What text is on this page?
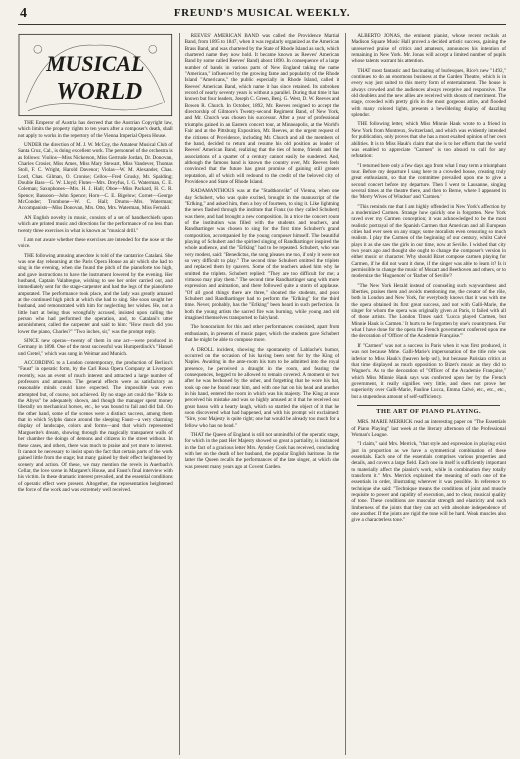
4	FREUND'S MUSICAL WEEKLY.
MUSICAL
WORLD

THE Emperor of Austria has decreed that the Austrian Copyright law, which limits the property rights to ten years after a composer's death, shall not apply to works in the repertory of the Vienna Imperial Opera House.

UNDER the direction of M. J. W. McCoy, the Amateur Musical Club of Santa Cruz, Cal., is doing excellent work. The personnel of the orchestra is as follows: Violins—Miss Nickerson, Miss Gertrude Jordan, Dr. Donovan, Charles Crosier, Miss Ames, Miss Mary Stewart, Miss Vandever, Thomas Stoll, F. C. Wright, Harold Davenor; Violas—W. M. Alexander, Chas. Lord, Chas. Gilman, O. Cronise; Cellos—Fred Grusky, Mr. Spalding; Double Bass—G. W. Lloyd; Flutes—Mrs. Dreyfus, I. G. Waterman, C. E. Coleman; Saxophones—Mrs. H. J. Hall; Oboe—Miss Packard, H. C. R. Spence; Bassoon—John Spence; Horn—C. E. Bigelow; Cornet—George McConder; Trombone—W. C. Hall; Drums—Mrs. Waterman; Accompanists—Miss Donovan, Mrs. Otto, Mrs. Waterman, Miss Fernald.

AN English novelty in music, consists of a set of handkerchiefs upon which are printed music and directions for the performance of no less than twenty three exercises in what is known as "musical drill."

I am not aware whether these exercises are intended for the nose or the voice.

THE following amusing anecdote is told of the cantatrice Catalani. She was one day rehearsing at the Paris Opera House an air which she had to sing in the evening, when she found the pitch of the pianoforte too high, and gave instructions to have the instrument lowered by the evening. Her husband, Captain Valabregue, wishing to see her order carried out, and immediately sent for the stage-carpenter and had the legs of the pianoforte amputated. The performance took place, and the lady was greatly amazed at the continued high pitch at which she had to sing. She soon sought her husband, and remonstrated with him for neglecting her wishes. He, not a little hurt at being thus wrongfully accused, insisted upon calling the person who had performed the operation, and, to Catalani's utter astonishment, called the carpenter and said to him: "How much did you lower the piano, Charles?" "Two inches, sir," was the prompt reply.

SINCE new operas—twenty of them in one act—were produced in Germany in 1898. One of the most successful was Humperdinck's "Hansel und Gretel," which was sung in Weimar and Munich.

ACCORDING to a London contemporary, the production of Berlioz's "Faust" in operatic form, by the Carl Rosa Opera Company at Liverpool recently, was an event of much interest and attracted a large number of professors and amateurs. The general effects were as satisfactory as reasonable minds could have expected. The impossible was even attempted but, of course, not achieved. By no stage art could the "Ride to the Abyss" be adequately shown, and though the manager spent money liberally on mechanical horses, etc., he was bound to fail and did fail. On the other hand, some of the scenes were a distinct success, among them that in which Sylphs dance around the sleeping Faust—a very charming display of landscape, colors and forms—and that which represented Marguerite's dream, showing through the magically transparent walls of her chamber the doings of demons and citizens in the street without. In these cases, and others, there was much to praise and yet more to interest. It cannot be necessary to insist upon the fact that certain parts of the work gained little from the stage; but many gained by their effect heightened by scenery and action. Of these, we may mention the revels in Auerbach's Cellar, the love scene in Margaret's House, and Faust's final interview with his victim. In these dramatic interest prevailed, and the essential conditions of operatic effect were present. Altogether, the representation heightened the force of the work and was extremely well received.

REEVES' AMERICAN BAND was called the Providence Martial Band, from 1895 to 1847, when it was regularly organized as the American Brass Band, and was chartered by the State of Rhode Island as such, which chartered name they now hold. It became known as Reeves' American Band by some called Reeves' Band) about 1890. In consequence of a large number of bands in various parts of New England taking the name "American," influenced by the growing fame and popularity of the Rhode Island "Americans," the public especially in Rhode Island, called it Reeves' American Band, which name it has since retained. Its unbroken record of nearly seventy years is without a parallel. During that time it has known but four leaders, Joseph C. Green, Benj. G. West, D. W. Reeves and Bowen R. Church. In October, 1892, Mr. Reeves resigned to accept the directorship of Gilmore's Twenty-second Regiment Band, of New York, and Mr. Church was chosen his successor. After a year of professional triumphs gained in an Eastern concert tour, at Minneapolis, at the World's Fair and at the Pittsburg Exposition, Mr. Reeves, at the urgent request of the citizens of Providence, including Mr. Church and all the members of the band, decided to return and resume his old position as leader of Reeves' American Band, realizing that the ties of home, friends and the associations of a quarter of a century cannot easily be sundered. And, although the famous band is known the country over, Mr. Reeves feels convinced that the future has great promise of gaining still greater reputation, all of which will redound to the credit of the beloved city of Providence and State of Rhode Island.

RADAMANTHOUS was at the "Stadtkonvikt" of Vienna, when one day Schubert, who was quite excited, brought in the manuscript of the "Erlking," and asked him, then a boy of fourteen, to sing it. Like lightning the news flashed through the institute that Franz (so they called Schubert) was there, and had brought a new composition. In a trice the concert room of the institution was filled with the students and teachers, and Randhartinger was chosen to sing for the first time Schubert's grand composition, accompanied by the young composer himself. The beautiful playing of Schubert and the spirited singing of Randhartinger inspired the whole audience, and the "Erlking" had to be repeated. Schubert, who was very modest, said: "Benedictus, the song pleases me too, if only it were not so very difficult to play." The second time Schubert omitted the triplets and replaced them by quavers. Some of the teachers asked him why he omitted the triplets. Schubert replied: "They are too difficult for me; a virtuoso may play them." The second time Randhartinger sang with more expression and animation, and there followed quite a storm of applause. "Of all good things there are three," shouted the students, and poor Schubert and Randhartinger had to perform the "Erlking" for the third time. Never, probably, has the "Erlking" been heard in such perfection. In both the young artists the sacred fire was burning, while young and old imagined themselves transported to fairyland.

The honorarium for this and other performances consisted, apart from enthusiasm, in presents of music paper, which the students gave Schubert that he might be able to compose more.

A DROLL incident, showing the spontaneity of Lablache's humor, occurred on the occasion of his having been sent for by the King of Naples. Awaiting in the ante-room his turn to be admitted into the royal presence, he perceived a draught in the room, and fearing the consequences, begged to be allowed to remain covered. A moment or two after he was beckoned by the usher, and forgetting that he wore his hat, took up one he found near him, and with one hat on his head and another in his hand, entered the room in which was his majesty. The King at once perceived his mistake and was so highly amused at it that he received our great basso with a hearty laugh, which so startled the object of it that he soon discovered what had happened, and with his prompt wit exclaimed: "Sire, your Majesty is quite right; one hat would be already too much for a fellow who has no head."

THAT the Queen of England is still not unmindful of the operatic stage, for which in the past Her Majesty showed so great a partiality, is instanced in the fact of a gracious letter Mrs. Aynsley Cook has received, concluding with her on the death of her husband, the popular English baritone. In the latter the Queen recalls the performances of the late singer, at which she was present many years ago at Covent Garden.

ALBERTO JONAS, the eminent pianist, whose recent recitals at Madison Square Music Hall proved a decided artistic success, gaining the unreserved praise of critics and amateurs, announces his intention of remaining in New York. Mr. Jonas will accept a limited number of pupils whose talents warrant his attention.

THAT most fantastic and fascinating of burlesques, Rice's new "1492," continues to do an enormous business at the Garden Theatre, which is in every way just suited to this merry form of entertainment. The house is always crowded and the audiences always receptive and responsive. The old doublets and the new allies are received with shouts of merriment. The stage, crowded with pretty girls in the most gorgeous attire, and flooded with many colored lights, presents a bewildering display of dazzling splendor.

THE following letter, which Miss Minnie Hauk wrote to a friend in New York from Montreux, Switzerland, and which was evidently intended for publication, only proves that she has a most exalted opinion of her own abilities. It is to Miss Hauk's claim that she is to her efforts that the world was enabled to appreciate "Carmen" is too absurd to call for any refutation:

"I returned here only a few days ago from what I may term a triumphant tour. Before my departure I sang here to a crowded house, creating truly great enthusiasm, so that the committee prevailed upon me to give a second concert before my departure. Then I went to Lausanne, singing several times at the theatre there, and then to Berne, where I appeared in the 'Merry Wives of Windsor' and 'Carmen.'

"This reminds me that I am highly offended in New York's affection by a modernized Carmen. Strange how quickly one is forgotten. New York raved over my Carmen conception; it was acknowledged to be the most realistic portrayal of the Spanish Carmen that American and all European cities had ever seen on any stage; some moralists even censuring so much realism. I play the Carmen of the beginning of our century, whilst Calvé plays it as she saw the girls in our time, now at Seville. I wished that city two years ago and thought she ought to change the composer's version in either music or character. Why should Bizet compose carmen playing for Carmen, if he did not want it done, if the singer was able to learn it? Is it permissible to change the music of Mozart and Beethoven and others, or to modernize the 'Huguenots' or 'Barber of Seville'?

"The New York Herald instead of counseling such waywardness and liberties, praises them and avoids mentioning me, the creator of the rôle, both in London and New York, for everybody knows that it was with me the opera obtained its first great success, and not with Galli-Marie, the singer for whom the opera was originally given at Paris, it failed with all of those artists. The London Times said: 'Lucca played Carmen, but Minnie Hauk is Carmen.' It hurts to be forgotten by one's countrymen. For what I have done for the opera the French government conferred upon me the decoration of 'Officer of the Academie Française.'"

If "Carmen" was not a success in Paris when it was first produced, it was not because Mme. Galli-Marie's impersonation of the title role was inferior to Miss Hauk's (heaven help us!), but because Parisian critics at that time displayed as much opposition to Bizet's music as they did to Wagner's. As to the decoration of "Officer of the Academie Française," which Miss Minnie Hauk says was conferred upon her by the French government, it really signifies very little, and does not prove her superiority over Galli-Marie, Pauline Lucca, Emma Calvé, etc., etc., etc., but a stupendous amount of self-sufficiency.

THE ART OF PIANO PLAYING.

MRS. MARIE MERRICK read an interesting paper on "The Essentials of Piano Playing" last week at the literary afternoon of the Professional Woman's League.

"I claim," said Mrs. Merrick, "that style and expression in playing exist just in proportion as we have a symmetrical combination of these essentials. Each one of the essentials comprises various properties and details, and covers a large field. Each one in itself is sufficiently important to materially affect the pianist's work, while in combination they totally transform it." Mrs. Merrick explained the meaning of each one of the essentials in order, illustrating wherever it was possible. In reference to technique she said: "Technique means the conditions of joint and muscle requisite to power and rapidity of execution, and to clear, musical quality of tone. These conditions are muscular strength and elasticity and such limberness of the joints that they can act with absolute independence of one another. If the joints are rigid the tone will be hard. Weak muscles also give a characterless tone."
